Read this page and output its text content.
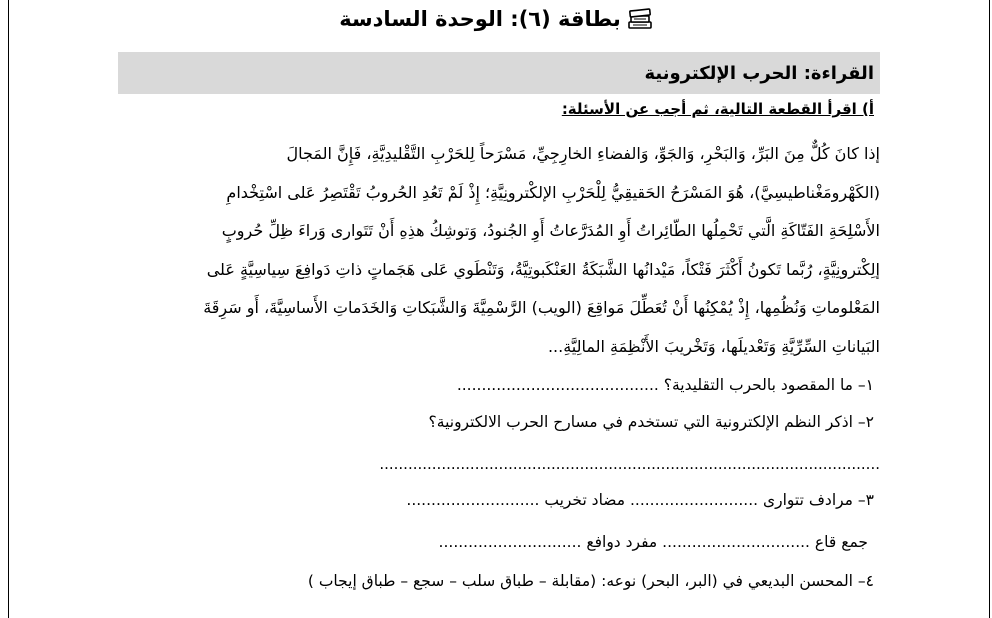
بطاقة (٦): الوحدة السادسة
القراءة: الحرب الإلكترونية
أ) اقرأ القطعة التالية، ثم أجب عن الأسئلة:
إذا كانَ كُلٌّ مِنَ البَرِّ، وَالبَحْرِ، وَالجَوِّ، وَالفضاءِ الخارِجِيِّ، مَسْرَحاً لِلحَرْبِ التَّقْليدِيَّةِ، فَإِنَّ المَجالَ
(الكَهْرومَغْناطيسِيَّ)، هُوَ المَسْرَحُ الحَقيقِيُّ لِلْحَرْبِ الإلكْترونِيَّةِ؛ إِذْ لَمْ تَعُدِ الحُروبُ تَقْتَصِرُ عَلى اسْتِخْدامِ
الأَسْلِحَةِ الفَتّاكَةِ الَّتي تَحْمِلُها الطّائِراتُ أَوِ المُدَرَّعاتُ أَوِ الجُنودُ، وَتوشِكُ هذِهِ أَنْ تَتَوارى وَراءَ ظِلِّ حُروبٍ
إلِكْترونِيَّةٍ، رُبَّما تَكونُ أَكْثَرَ فَتْكاً، مَيْدانُها الشَّبَكَةُ العَنْكَبوتِيَّةُ، وَتَنْطَوي عَلى هَجَماتٍ ذاتِ دَوافِعَ سِياسِيَّةٍ عَلى
المَعْلوماتِ وَنُظُمِها، إِذْ يُمْكِنُها أَنْ تُعَطِّلَ مَواقِعَ (الويب) الرَّسْمِيَّةَ وَالشَّبَكاتِ وَالخَدَماتِ الأَساسِيَّةَ، أَو سَرِقَةَ
البَياناتِ السِّرِّيَّةِ وَتَعْديلَها، وَتَخْريبَ الأَنْظِمَةِ المالِيَّةِ...
١– ما المقصود بالحرب التقليدية؟ .........................................
٢– اذكر النظم الإلكترونية التي تستخدم في مسارح الحرب الالكترونية؟
.........................................................................................................
٣– مرادف تتوارى .......................... مضاد تخريب ...........................
جمع قاع .............................. مفرد دوافع .............................
٤– المحسن البديعي في (البر، البحر) نوعه: (مقابلة – طباق سلب – سجع – طباق إيجاب )
